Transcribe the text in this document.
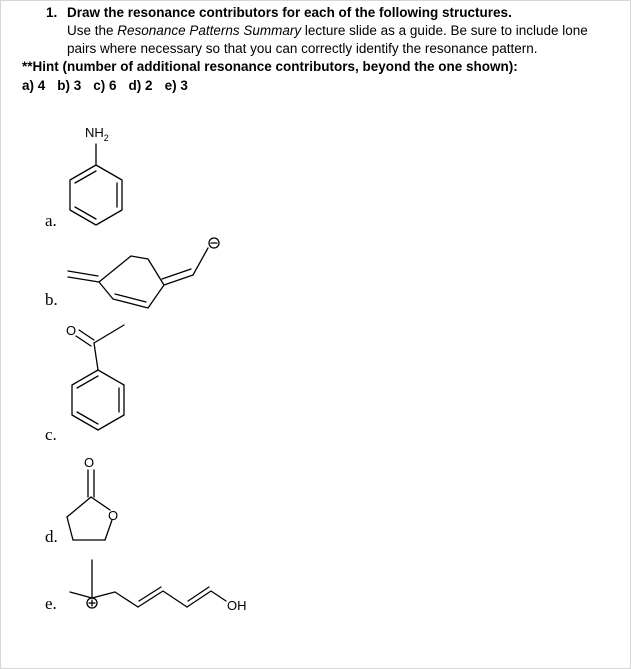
1. Draw the resonance contributors for each of the following structures.
Use the Resonance Patterns Summary lecture slide as a guide. Be sure to include lone
pairs where necessary so that you can correctly identify the resonance pattern.
**Hint (number of additional resonance contributors, beyond the one shown):
a) 4 b) 3 c) 6 d) 2 e) 3
a.
b.
c.
d.
e.
$NH_2$
O
O
O
OH
